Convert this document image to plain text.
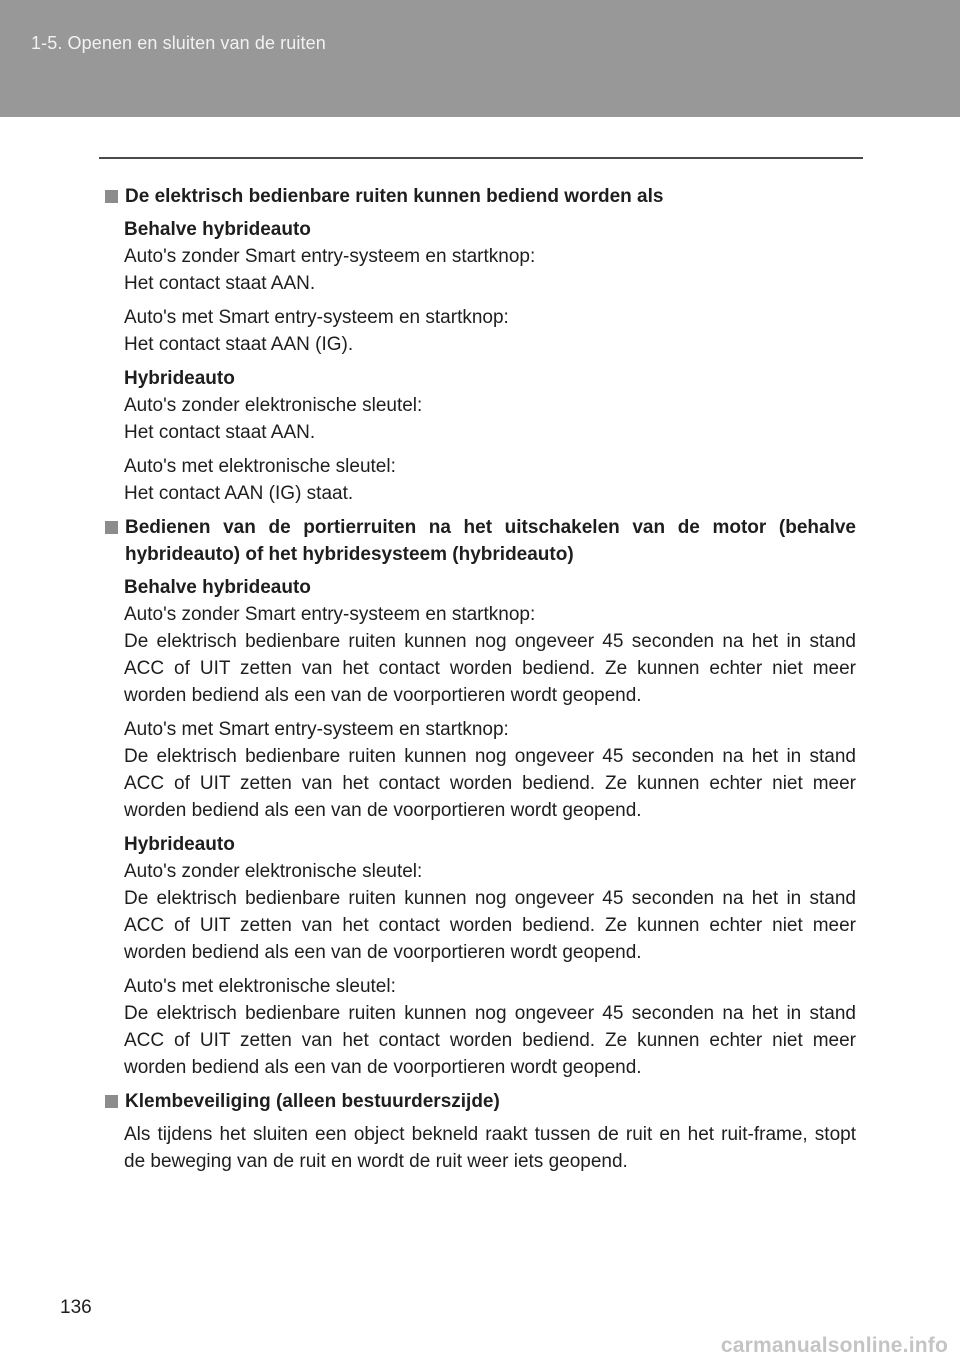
1-5. Openen en sluiten van de ruiten
De elektrisch bedienbare ruiten kunnen bediend worden als

Behalve hybrideauto

Auto's zonder Smart entry-systeem en startknop:

Het contact staat AAN.

Auto's met Smart entry-systeem en startknop:

Het contact staat AAN (IG).

Hybrideauto

Auto's zonder elektronische sleutel:

Het contact staat AAN.

Auto's met elektronische sleutel:

Het contact AAN (IG) staat.

Bedienen van de portierruiten na het uitschakelen van de motor (behalve hybrideauto) of het hybridesysteem (hybrideauto)

Behalve hybrideauto

Auto's zonder Smart entry-systeem en startknop:

De elektrisch bedienbare ruiten kunnen nog ongeveer 45 seconden na het in stand ACC of UIT zetten van het contact worden bediend. Ze kunnen echter niet meer worden bediend als een van de voorportieren wordt geopend.

Auto's met Smart entry-systeem en startknop:

De elektrisch bedienbare ruiten kunnen nog ongeveer 45 seconden na het in stand ACC of UIT zetten van het contact worden bediend. Ze kunnen echter niet meer worden bediend als een van de voorportieren wordt geopend.

Hybrideauto

Auto's zonder elektronische sleutel:

De elektrisch bedienbare ruiten kunnen nog ongeveer 45 seconden na het in stand ACC of UIT zetten van het contact worden bediend. Ze kunnen echter niet meer worden bediend als een van de voorportieren wordt geopend.

Auto's met elektronische sleutel:

De elektrisch bedienbare ruiten kunnen nog ongeveer 45 seconden na het in stand ACC of UIT zetten van het contact worden bediend. Ze kunnen echter niet meer worden bediend als een van de voorportieren wordt geopend.

Klembeveiliging (alleen bestuurderszijde)

Als tijdens het sluiten een object bekneld raakt tussen de ruit en het ruit-frame, stopt de beweging van de ruit en wordt de ruit weer iets geopend.

136
carmanualsonline.info
